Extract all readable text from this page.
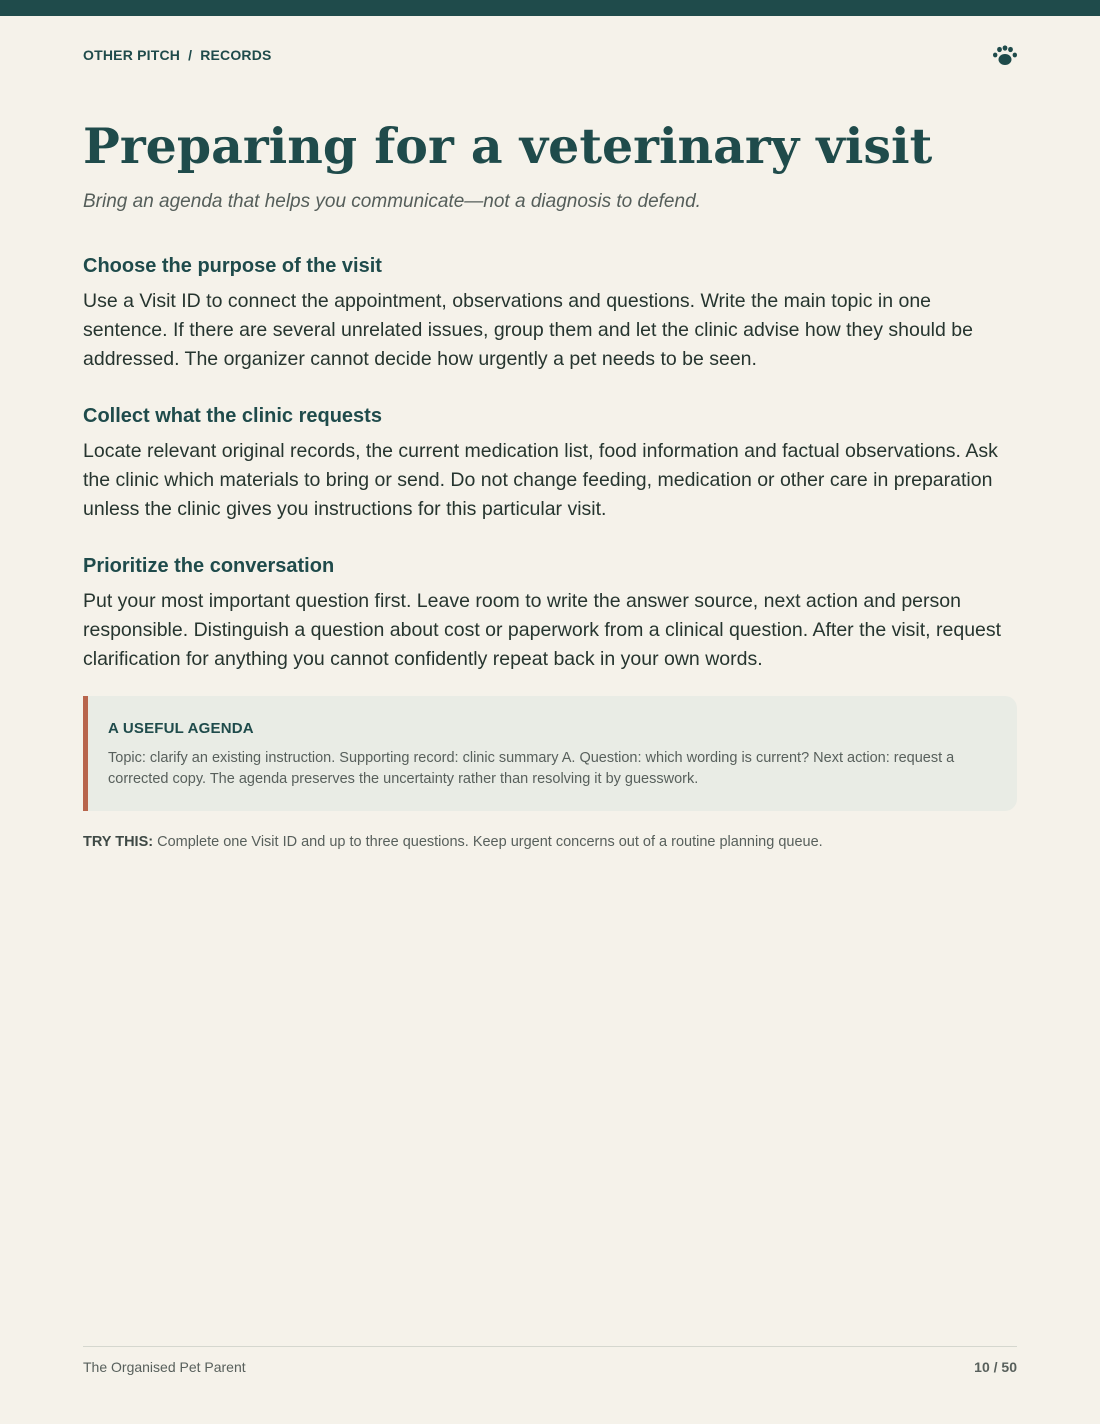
OTHER PITCH / RECORDS
Preparing for a veterinary visit

Bring an agenda that helps you communicate—not a diagnosis to defend.

Choose the purpose of the visit

Use a Visit ID to connect the appointment, observations and questions. Write the main topic in one sentence. If there are several unrelated issues, group them and let the clinic advise how they should be addressed. The organizer cannot decide how urgently a pet needs to be seen.

Collect what the clinic requests

Locate relevant original records, the current medication list, food information and factual observations. Ask the clinic which materials to bring or send. Do not change feeding, medication or other care in preparation unless the clinic gives you instructions for this particular visit.

Prioritize the conversation

Put your most important question first. Leave room to write the answer source, next action and person responsible. Distinguish a question about cost or paperwork from a clinical question. After the visit, request clarification for anything you cannot confidently repeat back in your own words.

A USEFUL AGENDA
Topic: clarify an existing instruction. Supporting record: clinic summary A. Question: which wording is current? Next action: request a corrected copy. The agenda preserves the uncertainty rather than resolving it by guesswork.
TRY THIS: Complete one Visit ID and up to three questions. Keep urgent concerns out of a routine planning queue.
The Organised Pet Parent	10 / 50
